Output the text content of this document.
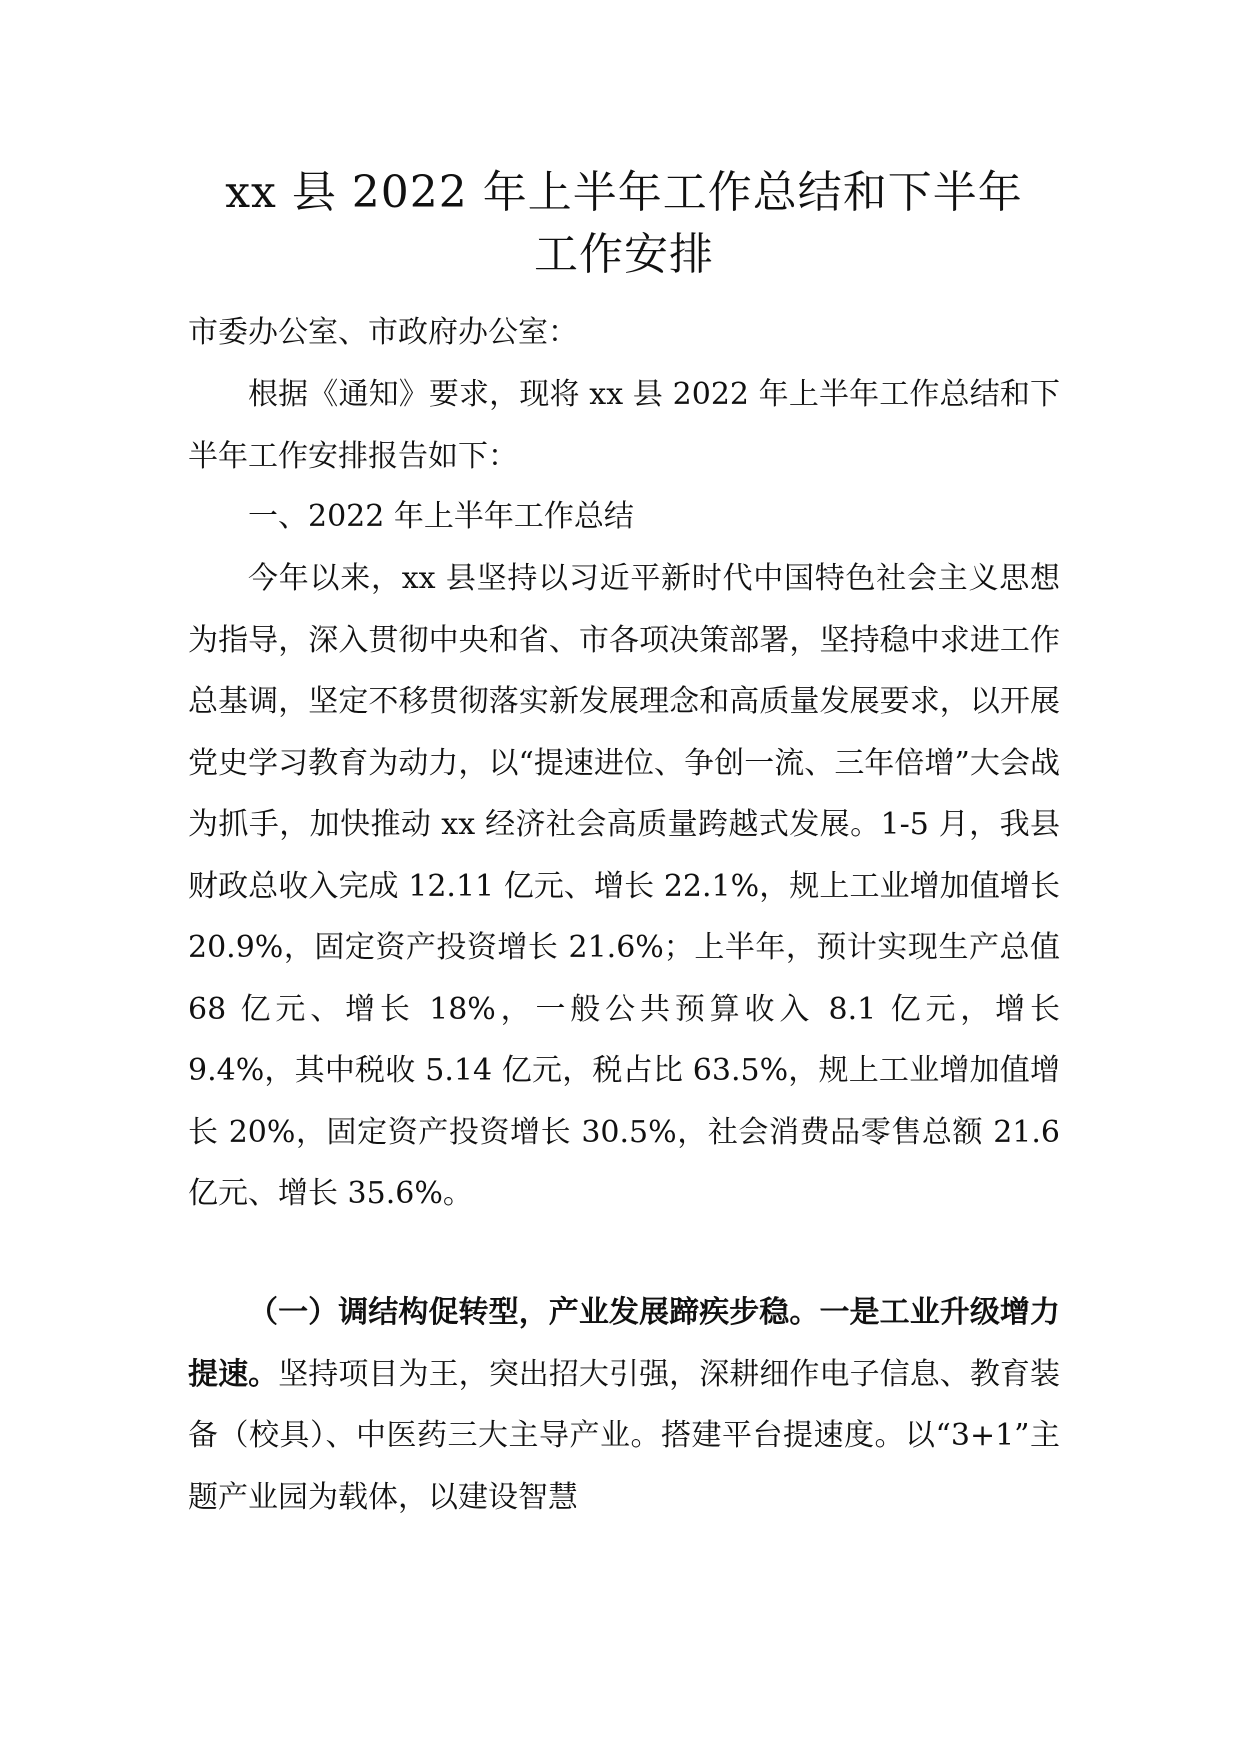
xx 县 2022 年上半年工作总结和下半年
工作安排

市委办公室、市政府办公室：

根据《通知》要求，现将 xx 县 2022 年上半年工作总结和下半年工作安排报告如下：

一、2022 年上半年工作总结

今年以来，xx 县坚持以习近平新时代中国特色社会主义思想为指导，深入贯彻中央和省、市各项决策部署，坚持稳中求进工作总基调，坚定不移贯彻落实新发展理念和高质量发展要求，以开展党史学习教育为动力，以“提速进位、争创一流、三年倍增”大会战为抓手，加快推动 xx 经济社会高质量跨越式发展。1-5 月，我县财政总收入完成 12.11 亿元、增长 22.1%，规上工业增加值增长 20.9%，固定资产投资增长 21.6%；上半年，预计实现生产总值 68 亿元、增长 18%，一般公共预算收入 8.1 亿元，增长 9.4%，其中税收 5.14 亿元，税占比 63.5%，规上工业增加值增长 20%，固定资产投资增长 30.5%，社会消费品零售总额 21.6 亿元、增长 35.6%。

（一）调结构促转型，产业发展蹄疾步稳。一是工业升级增力提速。坚持项目为王，突出招大引强，深耕细作电子信息、教育装备（校具）、中医药三大主导产业。搭建平台提速度。以“3+1”主题产业园为载体，以建设智慧
